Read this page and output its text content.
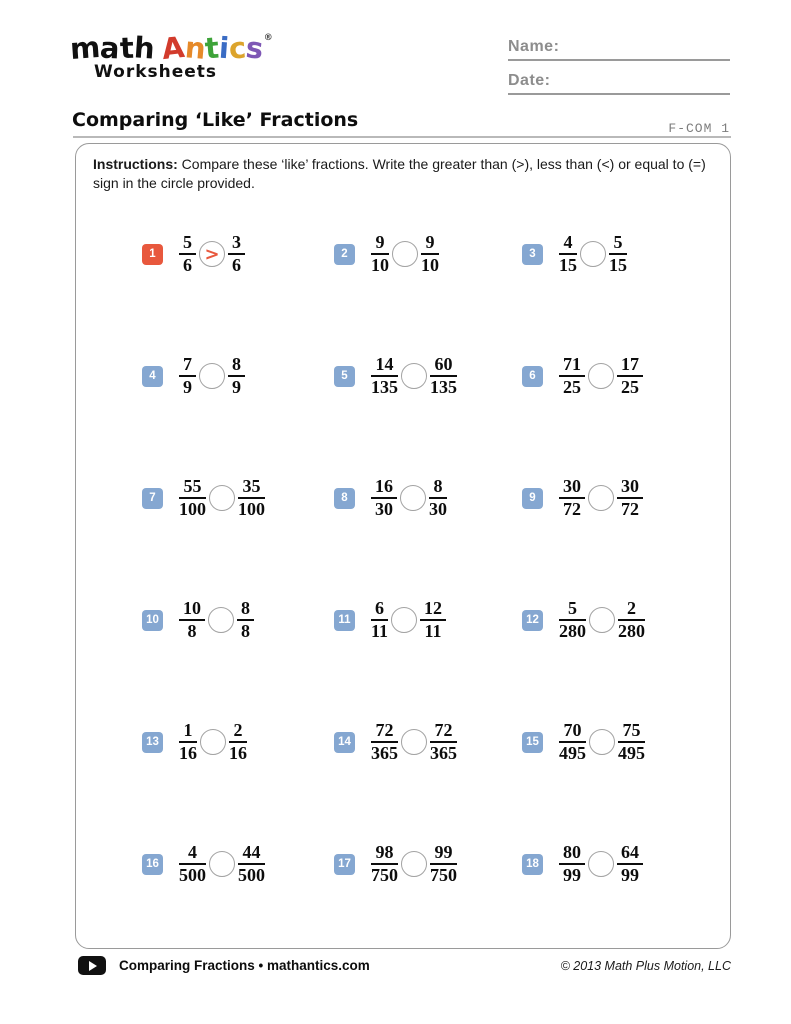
math Antics®
Worksheets
Name:
Date:
Comparing ‘Like’ Fractions	F-COM 1
Instructions: Compare these ‘like’ fractions. Write the greater than (>), less than (<) or equal to (=) sign in the circle provided.
1	$\frac{5}{6} > \frac{3}{6}$	2	$\frac{9}{10} \frac{9}{10}$	3	$\frac{4}{15} \frac{5}{15}$
4	$\frac{7}{9} \frac{8}{9}$	5	$\frac{14}{135} \frac{60}{135}$	6	$\frac{71}{25} \frac{17}{25}$
7	$\frac{55}{100} \frac{35}{100}$	8	$\frac{16}{30} \frac{8}{30}$	9	$\frac{30}{72} \frac{30}{72}$
$10 \frac{10}{8} \frac{8}{8}$	$11 \frac{6}{11} \frac{12}{11}$	$12 \frac{5}{280} \frac{2}{280}$
$13 \frac{1}{16} \frac{2}{16}$	$14 \frac{72}{365} \frac{72}{365}$	$15 \frac{70}{495} \frac{75}{495}$
$16 \frac{4}{500} \frac{44}{500}$	$17 \frac{98}{750} \frac{99}{750}$	$18 \frac{80}{99} \frac{64}{99}$
Comparing Fractions • mathantics.com	© 2013 Math Plus Motion, LLC
